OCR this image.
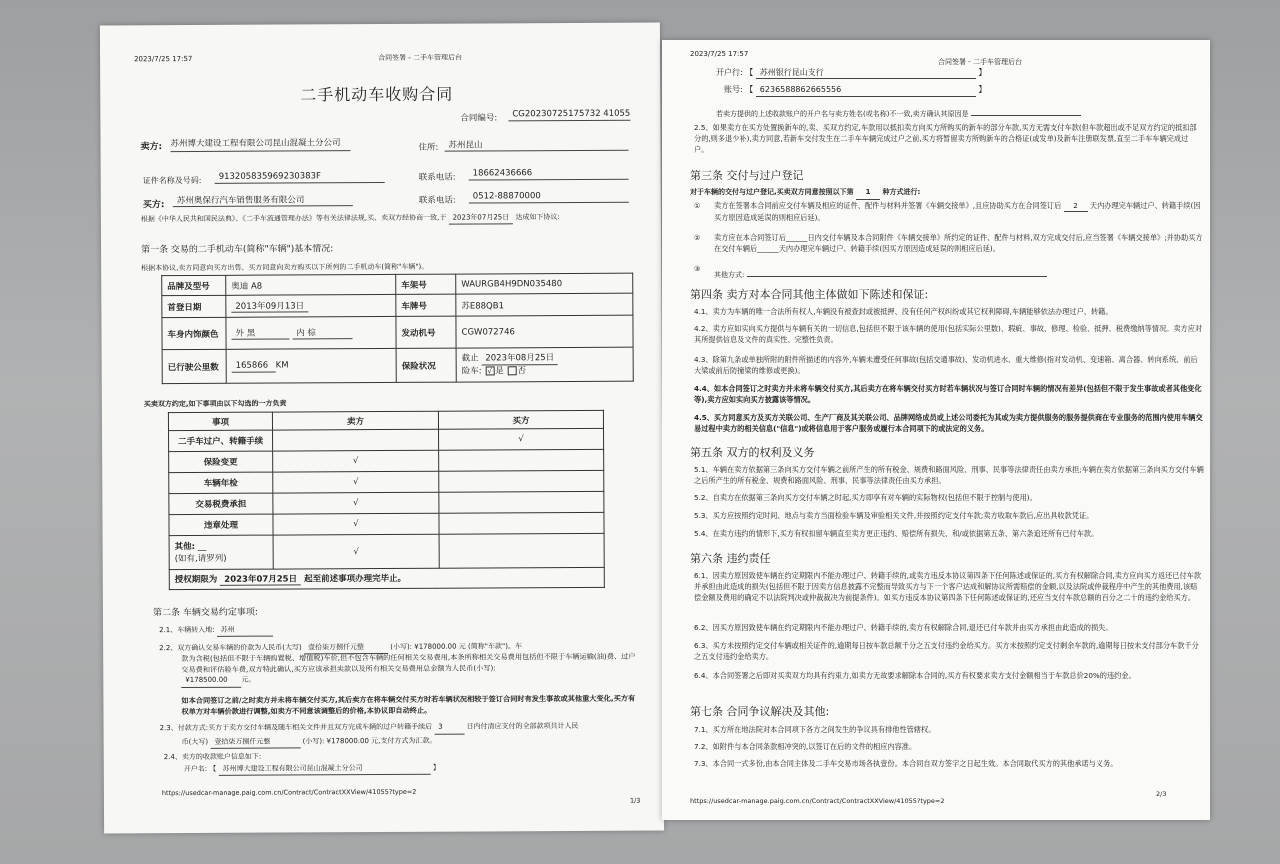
2023/7/25 17:57	合同签署 - 二手车管理后台
二手机动车收购合同
合同编号:	CG20230725175732 41055
卖方: 苏州博大建设工程有限公司昆山混凝土分公司	住所:	苏州昆山
证件名称及号码:	913205835969230383F	联系电话:	18662436666
买方:	苏州奥保行汽车销售服务有限公司	联系电话:	0512-88870000
根据《中华人民共和国民法典》、《二手车流通管理办法》等有关法律法规,买、卖双方经协商一致,于 2023年07月25日 达成如下协议:
第一条 交易的二手机动车(简称"车辆")基本情况:
根据本协议,卖方同意向买方出售、买方同意向卖方购买以下所列的二手机动车(简称"车辆")。
品牌及型号	奥迪 A8	车架号	WAURGB4H9DN035480
首登日期	2013年09月13日	车牌号	苏E88QB1
车身内饰颜色	外 黑 内 棕	发动机号	CGW072746
已行驶公里数	165866 KM	保险状况	截止 2023年08月25日
险车: √ 是 否
买卖双方约定,如下事项由以下勾选的一方负责
事项	卖方	买方
二手车过户、转籍手续		√
保险变更	√	
车辆年检	√	
交易税费承担	√	
违章处理	√	
其他: __
(如有,请罗列)	√	
授权期限为 2023年07月25日 起至前述事项办理完毕止。		
第二条 车辆交易约定事项:
2.1、车辆转入地: 苏州
2.2、双方确认交易车辆的价款为人民币(大写) 壹拾柒万捌仟元整	(小写): ¥178000.00 元 (简称"车款")。车
款为含税(包括但不限于车辆购置税、增值税)车价,但不包含车辆的任何相关交易费用,本条所称相关交易费用包括但不限于车辆运输(油)费、过户交易费和评估验车费,双方特此确认,买方应该承担卖款以及所有相关交易费用总金额为人民币(小写):
¥178500.00 元。
如本合同签订之前/之时卖方并未将车辆交付买方,其后卖方在将车辆交付买方时若车辆状况相较于签订合同时有发生事故或其他重大变化,买方有权单方对车辆价款进行调整,如卖方不同意该调整后的价格,本协议即自动终止。
2.3、付款方式:买方于卖方交付车辆及随车相关文件并且双方完成车辆的过户转籍手续后 3	日内付清应支付的全部款项共计人民
币(大写) 壹拾柒万捌仟元整	(小写): ¥178000.00 元,支付方式为汇款。
2.4、卖方的收款账户信息如下:
开户名: 【 苏州博大建设工程有限公司昆山混凝土分公司	】
https://usedcar-manage.paig.com.cn/Contract/ContractXXView/41055?type=2
1/3
2023/7/25 17:57
合同签署 - 二手车管理后台
开户行: 【 苏州银行昆山支行	】
账号: 【 6236588862665556	】
若卖方提供的上述收款账户的开户名与卖方姓名(或名称)不一致,卖方确认其原因是
2.5、如果卖方在买方处置换新车的,卖、买双方约定,车款用以抵扣卖方向买方所购买的新车的部分车款,买方无需支付车款(但车款超出或不足双方约定的抵扣部分的,则多退少补),卖方同意,若新车交付发生在二手车车辆完成过户之前,买方将暂留卖方所购新车的合格证(或发单)及新车注册联发票,直至二手车车辆完成过户。
第三条 交付与过户登记
对于车辆的交付与过户登记,买卖双方同意按照以下第 1 种方式进行:
① 卖方在签署本合同前应交付车辆及相应的证件、配件与材料并签署《车辆交接单》,且应协助买方在合同签订后 2 天内办理完车辆过户、转籍手续(因买方原因造成延误的则相应后延)。
② 卖方应在本合同签订后______日内交付车辆及本合同附件《车辆交接单》所约定的证件、配件与材料,双方完成交付后,应当签署《车辆交接单》;并协助买方在交付车辆后______天内办理完车辆过户、转籍手续(因买方原因造成延误的则相应后延)。
③
其他方式:
第四条 卖方对本合同其他主体做如下陈述和保证:
4.1、卖方为车辆的唯一合法所有权人,车辆没有被查封或被抵押、没有任何产权纠纷或其它权利障碍,车辆能够依法办理过户、转籍。
4.2、卖方应如实向买方提供与车辆有关的一切信息,包括但不限于该车辆的使用(包括实际公里数)、瑕疵、事故、修理、检验、抵押、税费缴纳等情况。卖方应对其所提供信息及文件的真实性、完整性负责。
4.3、除第九条或单独所附的附件所描述的内容外,车辆未遭受任何事故(包括交通事故)、发动机进水、重大维修(指对发动机、变速箱、离合器、转向系统、前后大梁或前后防撞梁的维修或更换)。
4.4、如本合同签订之时卖方并未将车辆交付买方,其后卖方在将车辆交付买方时若车辆状况与签订合同时车辆的情况有差异(包括但不限于发生事故或者其他变化等),卖方应如实向买方披露该等情况。
4.5、买方同意买方及买方关联公司、生产厂商及其关联公司、品牌网络成员或上述公司委托为其或为卖方提供服务的服务提供商在专业服务的范围内使用车辆交易过程中卖方的相关信息("信息")或将信息用于客户服务或履行本合同项下的或法定的义务。
第五条 双方的权利及义务
5.1、车辆在卖方依据第三条向买方交付车辆之前所产生的所有税金、规费和路面风险、刑事、民事等法律责任由卖方承担;车辆在卖方依据第三条向买方交付车辆之后所产生的所有税金、规费和路面风险、刑事、民事等法律责任由买方承担。
5.2、自卖方在依据第三条向买方交付车辆之时起,买方即享有对车辆的实际物权(包括但不限于控制与使用)。
5.3、买方应按照约定时间、地点与卖方当面检验车辆及审验相关文件,并按照约定支付车款;卖方收取车款后,应出具收款凭证。
5.4、在卖方违约的情形下,买方有权扣留车辆直至卖方更正违约、赔偿所有损失、和/或依据第五条、第六条追还所有已付车款。
第六条 违约责任
6.1、因卖方原因致使车辆在约定期限内不能办理过户、转籍手续的,或卖方违反本协议第四条下任何陈述或保证的,买方有权解除合同,卖方应向买方返还已付车款并承担由此造成的损失(包括但不限于因卖方信息披露不完整而导致买方与下一个客户达成和解协议所需赔偿的金额,以及法院或仲裁程序中产生的其他费用,该赔偿金额及费用的确定不以法院判决或仲裁裁决为前提条件)。如买方违反本协议第四条下任何陈述或保证的,还应当支付车款总额的百分之二十的违约金给买方。
6.2、因买方原因致使车辆在约定期限内不能办理过户、转籍手续的,卖方有权解除合同,退还已付车款并由买方承担由此造成的损失。
6.3、买方未按照约定交付车辆或相关证件的,逾期每日按车款总额千分之五支付违约金给买方。买方未按照约定支付剩余车款的,逾期每日按未支付部分车款千分之五支付违约金给卖方。
6.4、本合同签署之后即对买卖双方均具有约束力,如卖方无故要求解除本合同的,买方有权要求卖方支付金额相当于车款总价20%的违约金。
第七条 合同争议解决及其他:
7.1、买方所在地法院对本合同项下各方之间发生的争议具有排他性管辖权。
7.2、如附件与本合同条款相冲突的,以签订在后的文件的相应内容准。
7.3、本合同一式多份,由本合同主体及二手车交易市场各执壹份。本合同自双方签字之日起生效。本合同取代买方的其他承诺与义务。
https://usedcar-manage.paig.com.cn/Contract/ContractXXView/41055?type=2
2/3
